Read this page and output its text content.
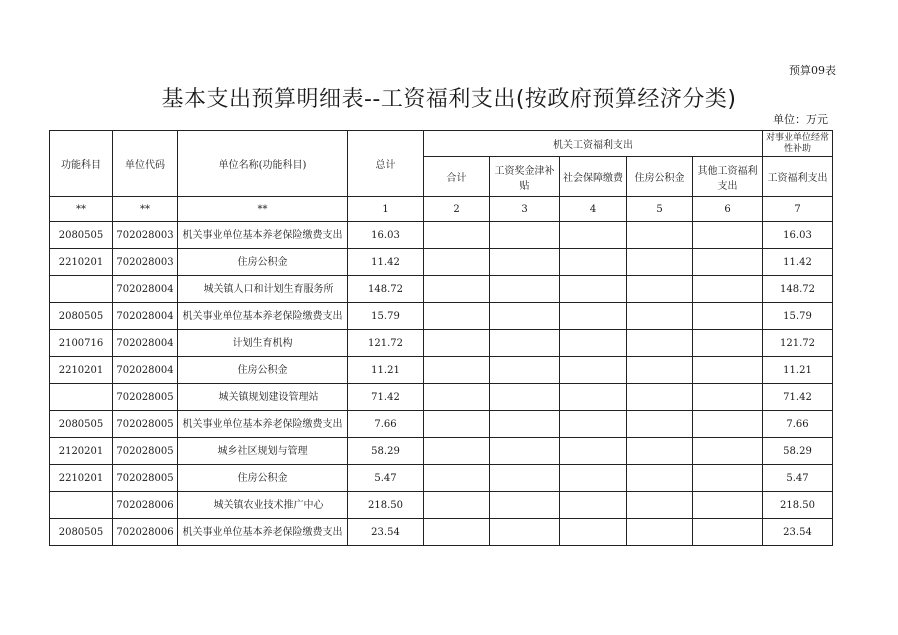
预算09表
基本支出预算明细表--工资福利支出(按政府预算经济分类)
单位：万元
功能科目	单位代码	单位名称(功能科目)	总计	机关工资福利支出					对事业单位经常性补助
				合计	工资奖金津补贴	社会保障缴费	住房公积金	其他工资福利支出	工资福利支出
**	**	**	1	2	3	4	5	6	7
2080505	702028003	机关事业单位基本养老保险缴费支出	16.03						16.03
2210201	702028003	住房公积金	11.42						11.42
	702028004	城关镇人口和计划生育服务所	148.72						148.72
2080505	702028004	机关事业单位基本养老保险缴费支出	15.79						15.79
2100716	702028004	计划生育机构	121.72						121.72
2210201	702028004	住房公积金	11.21						11.21
	702028005	城关镇规划建设管理站	71.42						71.42
2080505	702028005	机关事业单位基本养老保险缴费支出	7.66						7.66
2120201	702028005	城乡社区规划与管理	58.29						58.29
2210201	702028005	住房公积金	5.47						5.47
	702028006	城关镇农业技术推广中心	218.50						218.50
2080505	702028006	机关事业单位基本养老保险缴费支出	23.54						23.54
